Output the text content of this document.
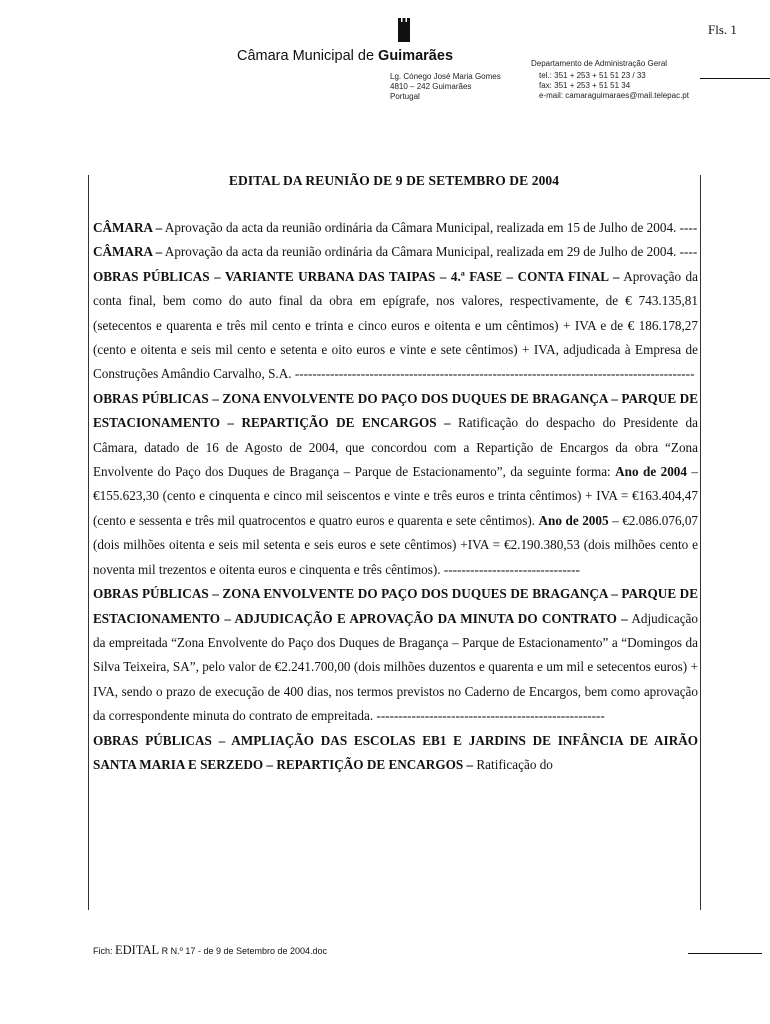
Fls. 1
Câmara Municipal de Guimarães
Lg. Cónego José Maria Gomes
4810 – 242 Guimarães
Portugal
Departamento de Administração Geral
tel.: 351 + 253 + 51 51 23 / 33
fax: 351 + 253 + 51 51 34
e-mail: camaraguimaraes@mail.telepac.pt
EDITAL DA REUNIÃO DE 9 DE SETEMBRO DE 2004

CÂMARA – Aprovação da acta da reunião ordinária da Câmara Municipal, realizada em 15 de Julho de 2004. ----

CÂMARA – Aprovação da acta da reunião ordinária da Câmara Municipal, realizada em 29 de Julho de 2004. ----

OBRAS PÚBLICAS – VARIANTE URBANA DAS TAIPAS – 4.ª FASE – CONTA FINAL – Aprovação da conta final, bem como do auto final da obra em epígrafe, nos valores, respectivamente, de € 743.135,81 (setecentos e quarenta e três mil cento e trinta e cinco euros e oitenta e um cêntimos) + IVA e de € 186.178,27 (cento e oitenta e seis mil cento e setenta e oito euros e vinte e sete cêntimos) + IVA, adjudicada à Empresa de Construções Amândio Carvalho, S.A. -------------------------------------------------------------------------------------------

OBRAS PÚBLICAS – ZONA ENVOLVENTE DO PAÇO DOS DUQUES DE BRAGANÇA – PARQUE DE ESTACIONAMENTO – REPARTIÇÃO DE ENCARGOS – Ratificação do despacho do Presidente da Câmara, datado de 16 de Agosto de 2004, que concordou com a Repartição de Encargos da obra “Zona Envolvente do Paço dos Duques de Bragança – Parque de Estacionamento”, da seguinte forma: Ano de 2004 – €155.623,30 (cento e cinquenta e cinco mil seiscentos e vinte e três euros e trinta cêntimos) + IVA = €163.404,47 (cento e sessenta e três mil quatrocentos e quatro euros e quarenta e sete cêntimos). Ano de 2005 – €2.086.076,07 (dois milhões oitenta e seis mil setenta e seis euros e sete cêntimos) +IVA = €2.190.380,53 (dois milhões cento e noventa mil trezentos e oitenta euros e cinquenta e três cêntimos). -------------------------------

OBRAS PÚBLICAS – ZONA ENVOLVENTE DO PAÇO DOS DUQUES DE BRAGANÇA – PARQUE DE ESTACIONAMENTO – ADJUDICAÇÃO E APROVAÇÃO DA MINUTA DO CONTRATO – Adjudicação da empreitada “Zona Envolvente do Paço dos Duques de Bragança – Parque de Estacionamento” a “Domingos da Silva Teixeira, SA”, pelo valor de €2.241.700,00 (dois milhões duzentos e quarenta e um mil e setecentos euros) + IVA, sendo o prazo de execução de 400 dias, nos termos previstos no Caderno de Encargos, bem como aprovação da correspondente minuta do contrato de empreitada. ----------------------------------------------------

OBRAS PÚBLICAS – AMPLIAÇÃO DAS ESCOLAS EB1 E JARDINS DE INFÂNCIA DE AIRÃO SANTA MARIA E SERZEDO – REPARTIÇÃO DE ENCARGOS – Ratificação do

Fich: EDITAL R N.º 17 - de 9 de Setembro de 2004.doc
